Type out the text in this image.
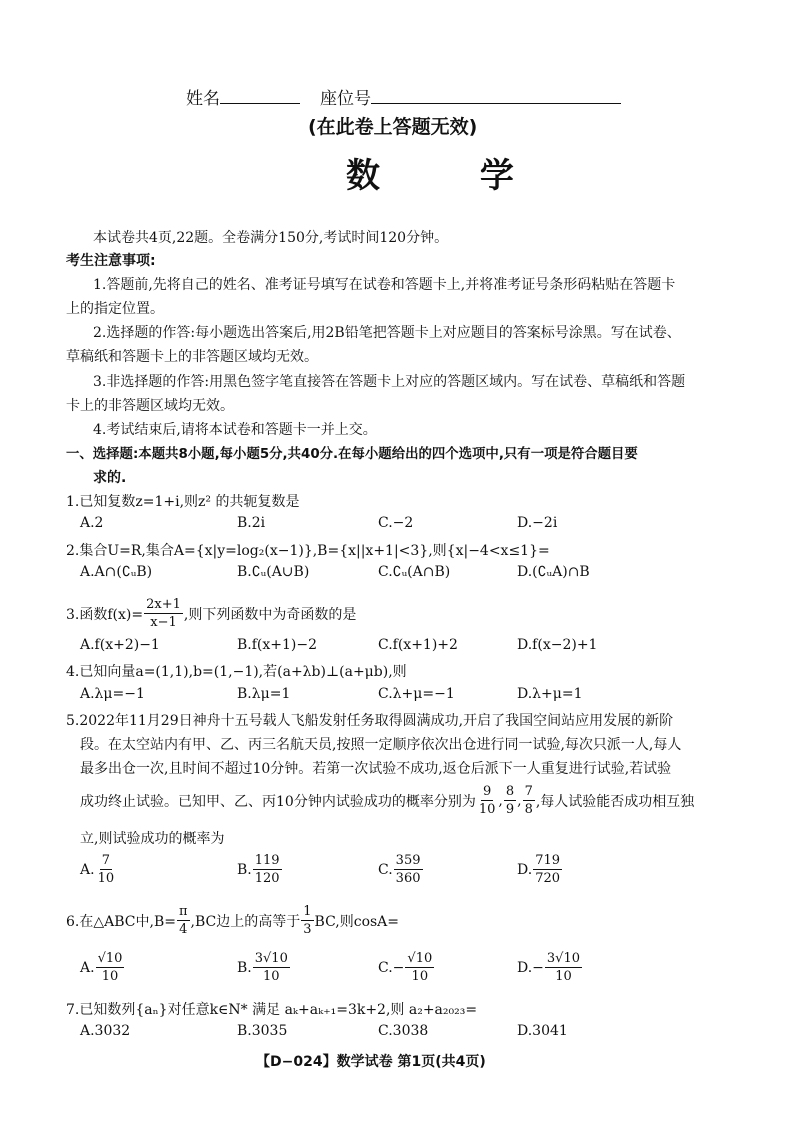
姓名	座位号
(在此卷上答题无效)
数 学
本试卷共4页,22题。全卷满分150分,考试时间120分钟。
考生注意事项:
1.答题前,先将自己的姓名、准考证号填写在试卷和答题卡上,并将准考证号条形码粘贴在答题卡
上的指定位置。
2.选择题的作答:每小题选出答案后,用2B铅笔把答题卡上对应题目的答案标号涂黑。写在试卷、
草稿纸和答题卡上的非答题区域均无效。
3.非选择题的作答:用黑色签字笔直接答在答题卡上对应的答题区域内。写在试卷、草稿纸和答题
卡上的非答题区域均无效。
4.考试结束后,请将本试卷和答题卡一并上交。
一、选择题:本题共8小题,每小题5分,共40分.在每小题给出的四个选项中,只有一项是符合题目要
求的.
1.已知复数z=1+i,则z² 的共轭复数是
A.2	B.2i	C.−2	D.−2i
2.集合U=R,集合A={x|y=log₂(x−1)},B={x||x+1|<3},则{x|−4<x≤1}=
A.A∩(∁ᵤB)	B.∁ᵤ(A∪B)	C.∁ᵤ(A∩B)	D.(∁ᵤA)∩B
3.函数$f(x)= \frac{2x+1}{x-1}$ ,则下列函数中为奇函数的是
A.f(x+2)−1	B.f(x+1)−2	C.f(x+1)+2	D.f(x−2)+1
4.已知向量a=(1,1),b=(1,−1),若(a+λb)⊥(a+μb),则
A.λμ=−1	B.λμ=1	C.λ+μ=−1	D.λ+μ=1
5.2022年11月29日神舟十五号载人飞船发射任务取得圆满成功,开启了我国空间站应用发展的新阶
段。在太空站内有甲、乙、丙三名航天员,按照一定顺序依次出仓进行同一试验,每次只派一人,每人
最多出仓一次,且时间不超过10分钟。若第一次试验不成功,返仓后派下一人重复进行试验,若试验
成功终止试验。已知甲、乙、丙10分钟内试验成功的概率分别为 $\frac{9}{10}$ , $\frac{8}{9}$ , $\frac{7}{8}$ ,每人试验能否成功相互独
立,则试验成功的概率为
A. $\frac{7}{10}$	B. $\frac{119}{120}$	C. $\frac{359}{360}$	D. $\frac{719}{720}$
6.在△ABC中$,B= \frac{\pi}{4} ,BC$边上的高等于 $\frac{1}{3}$ BC,则cosA=
A. $\frac{√10}{10}$	B. $\frac{3√10}{10}$	$C.- \frac{√10}{10}$	$D.- \frac{3√10}{10}$
7.已知数列{aₙ}对任意k∈N* 满足 aₖ+aₖ₊₁=3k+2,则 a₂+a₂₀₂₃=
A.3032	B.3035	C.3038	D.3041
【D−024】数学试卷 第1页(共4页)
